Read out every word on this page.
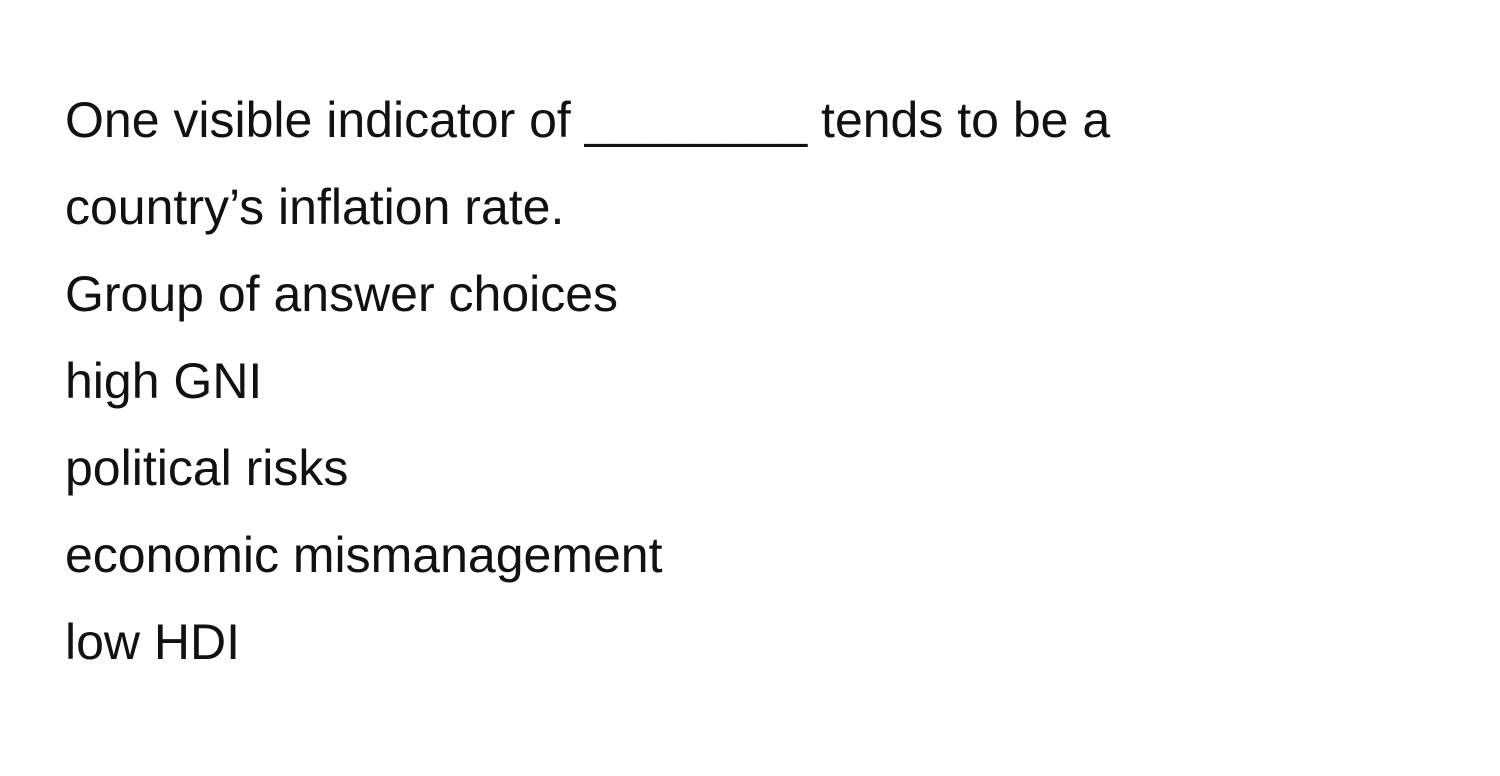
One visible indicator of ________ tends to be a
country’s inflation rate.
Group of answer choices
high GNI
political risks
economic mismanagement
low HDI
